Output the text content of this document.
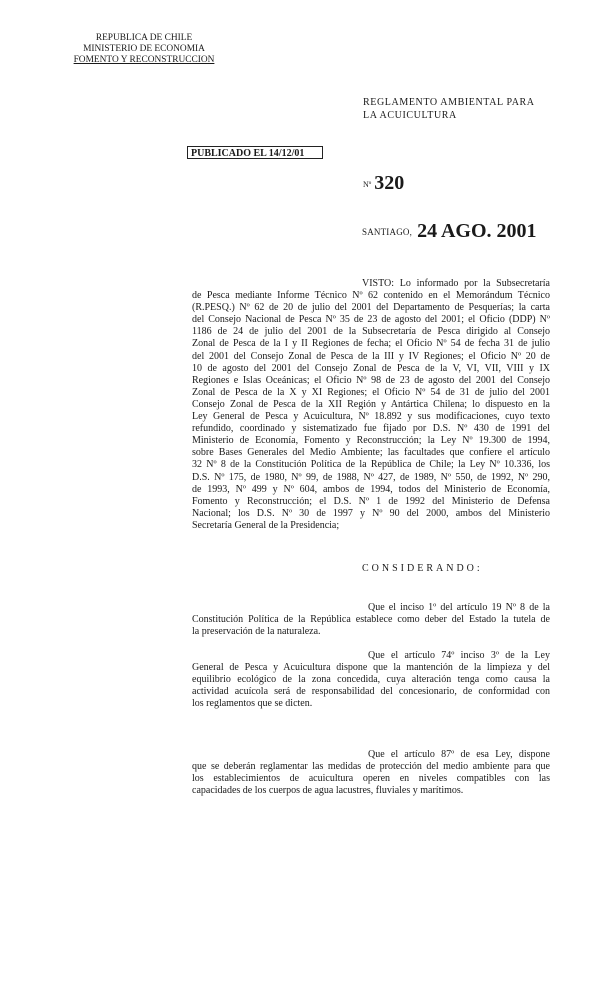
REPUBLICA DE CHILE
MINISTERIO DE ECONOMIA
FOMENTO Y RECONSTRUCCION
REGLAMENTO AMBIENTAL PARA
LA ACUICULTURA
PUBLICADO EL 14/12/01
Nº 320
SANTIAGO, 24 AGO. 2001
VISTO: Lo informado por la Subsecretaría
de Pesca mediante Informe Técnico Nº 62 contenido en el Memorándum Técnico
(R.PESQ.) Nº 62 de 20 de julio del 2001 del Departamento de Pesquerías; la carta
del Consejo Nacional de Pesca Nº 35 de 23 de agosto del 2001; el Oficio (DDP) Nº
1186 de 24 de julio del 2001 de la Subsecretaría de Pesca dirigido al Consejo
Zonal de Pesca de la I y II Regiones de fecha; el Oficio Nº 54 de fecha 31 de julio
del 2001 del Consejo Zonal de Pesca de la III y IV Regiones; el Oficio Nº 20 de
10 de agosto del 2001 del Consejo Zonal de Pesca de la V, VI, VII, VIII y IX
Regiones e Islas Oceánicas; el Oficio Nº 98 de 23 de agosto del 2001 del Consejo
Zonal de Pesca de la X y XI Regiones; el Oficio Nº 54 de 31 de julio del 2001
Consejo Zonal de Pesca de la XII Región y Antártica Chilena; lo dispuesto en la
Ley General de Pesca y Acuicultura, Nº 18.892 y sus modificaciones, cuyo texto
refundido, coordinado y sistematizado fue fijado por D.S. Nº 430 de 1991 del
Ministerio de Economía, Fomento y Reconstrucción; la Ley Nº 19.300 de 1994,
sobre Bases Generales del Medio Ambiente; las facultades que confiere el artículo
32 Nº 8 de la Constitución Política de la República de Chile; la Ley Nº 10.336, los
D.S. Nº 175, de 1980, Nº 99, de 1988, Nº 427, de 1989, Nº 550, de 1992, Nº 290,
de 1993, Nº 499 y Nº 604, ambos de 1994, todos del Ministerio de Economía,
Fomento y Reconstrucción; el D.S. Nº 1 de 1992 del Ministerio de Defensa
Nacional; los D.S. Nº 30 de 1997 y Nº 90 del 2000, ambos del Ministerio
Secretaría General de la Presidencia;
CONSIDERANDO:
Que el inciso 1º del artículo 19 Nº 8 de la
Constitución Política de la República establece como deber del Estado la tutela de
la preservación de la naturaleza.
Que el artículo 74º inciso 3º de la Ley
General de Pesca y Acuicultura dispone que la mantención de la limpieza y del
equilibrio ecológico de la zona concedida, cuya alteración tenga como causa la
actividad acuícola será de responsabilidad del concesionario, de conformidad con
los reglamentos que se dicten.
Que el artículo 87º de esa Ley, dispone
que se deberán reglamentar las medidas de protección del medio ambiente para que
los establecimientos de acuicultura operen en niveles compatibles con las
capacidades de los cuerpos de agua lacustres, fluviales y marítimos.
